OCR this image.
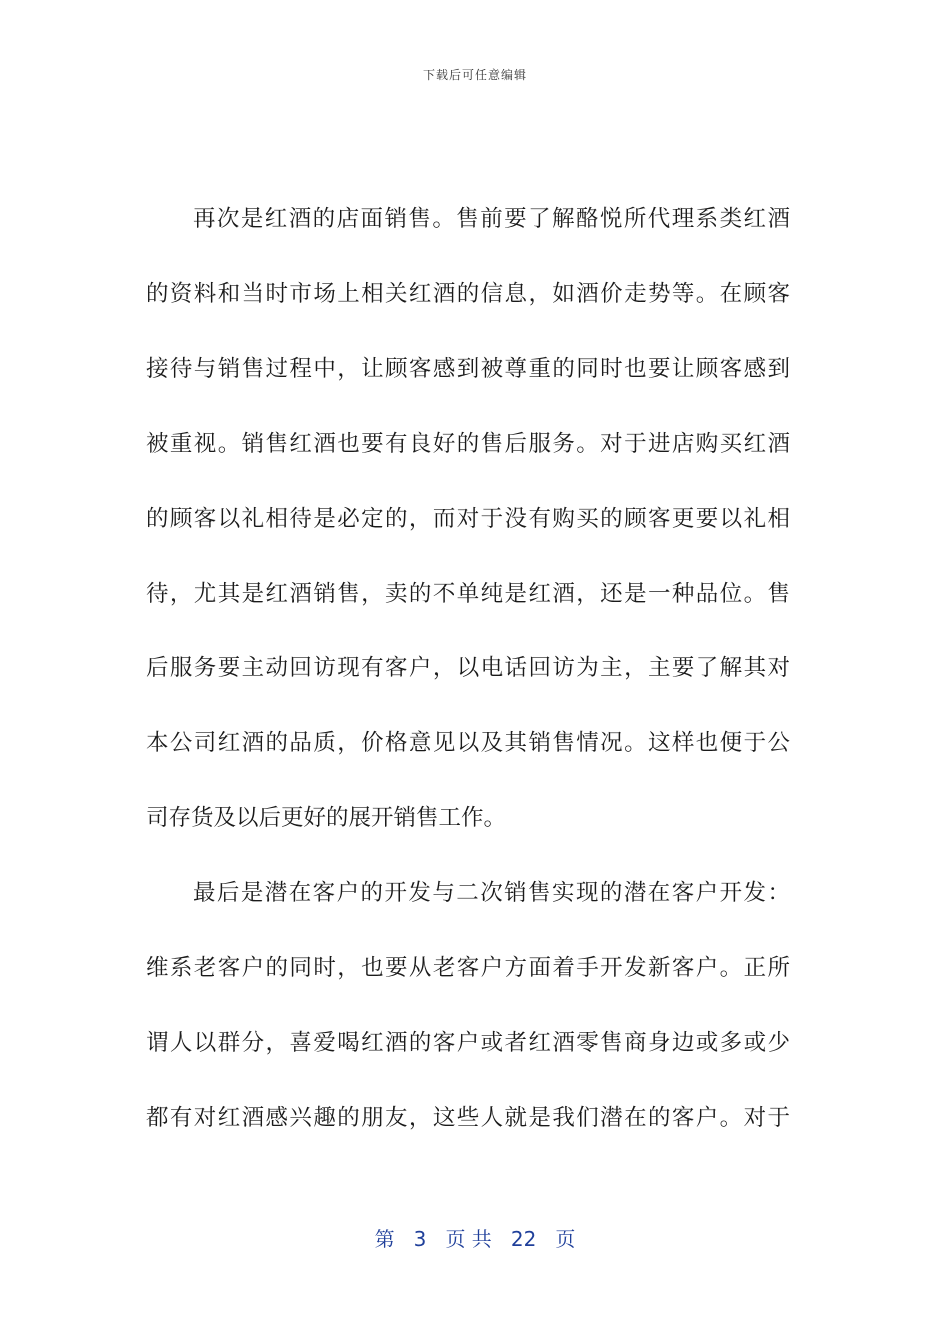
下载后可任意编辑
再次是红酒的店面销售。售前要了解酪悦所代理系类红酒
的资料和当时市场上相关红酒的信息，如酒价走势等。在顾客
接待与销售过程中，让顾客感到被尊重的同时也要让顾客感到
被重视。销售红酒也要有良好的售后服务。对于进店购买红酒
的顾客以礼相待是必定的，而对于没有购买的顾客更要以礼相
待，尤其是红酒销售，卖的不单纯是红酒，还是一种品位。售
后服务要主动回访现有客户，以电话回访为主，主要了解其对
本公司红酒的品质，价格意见以及其销售情况。这样也便于公
司存货及以后更好的展开销售工作。
最后是潜在客户的开发与二次销售实现的潜在客户开发：
维系老客户的同时，也要从老客户方面着手开发新客户。正所
谓人以群分，喜爱喝红酒的客户或者红酒零售商身边或多或少
都有对红酒感兴趣的朋友，这些人就是我们潜在的客户。对于
第 3 页 共 22 页
